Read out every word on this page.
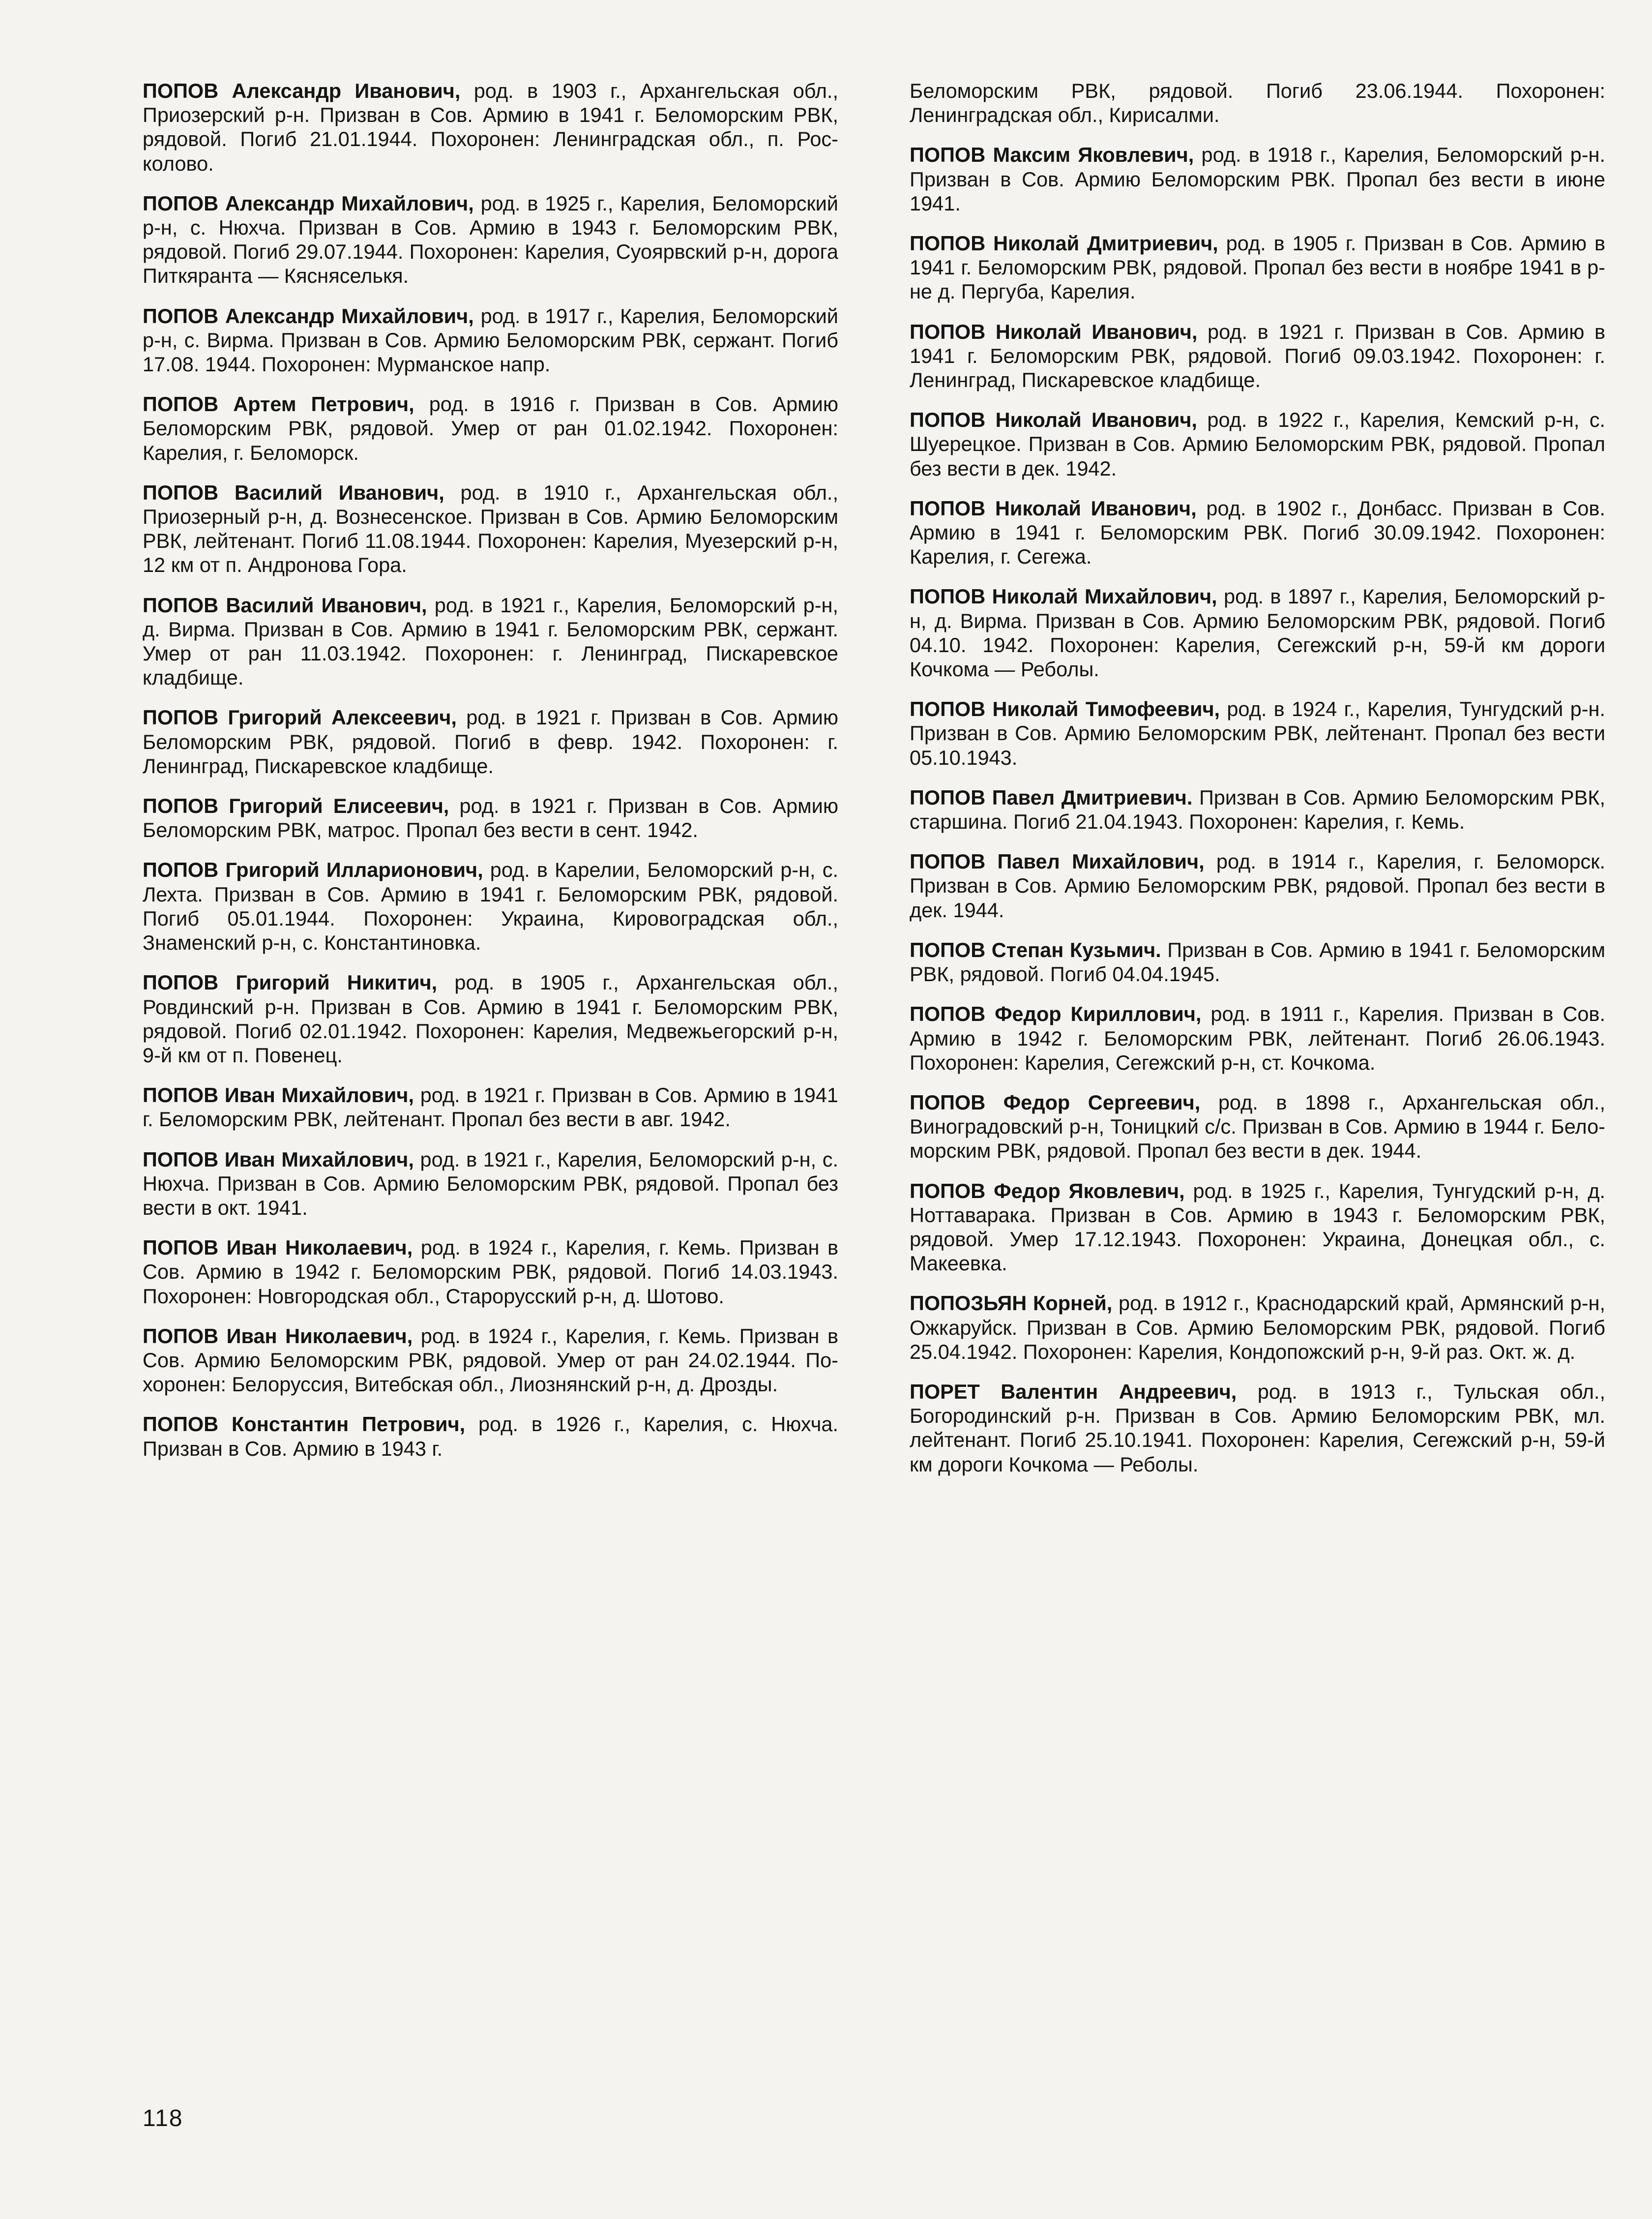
ПОПОВ Александр Иванович, род. в 1903 г., Архангельская обл., Приозерский р-н. Призван в Сов. Армию в 1941 г. Беломорским РВК, рядовой. Погиб 21.01.1944. Похоронен: Ленинградская обл., п. Росколово.

ПОПОВ Александр Михайлович, род. в 1925 г., Карелия, Беломорский р-н, с. Нюхча. Призван в Сов. Армию в 1943 г. Беломорским РВК, рядовой. Погиб 29.07.1944. Похоронен: Карелия, Суоярвский р-н, дорога Питкяранта — Кясняселькя.

ПОПОВ Александр Михайлович, род. в 1917 г., Карелия, Беломорский р-н, с. Вирма. Призван в Сов. Армию Беломорским РВК, сержант. Погиб 17.08. 1944. Похоронен: Мурманское напр.

ПОПОВ Артем Петрович, род. в 1916 г. Призван в Сов. Армию Беломорским РВК, рядовой. Умер от ран 01.02.1942. Похоронен: Карелия, г. Беломорск.

ПОПОВ Василий Иванович, род. в 1910 г., Архангельская обл., Приозерный р-н, д. Вознесенское. Призван в Сов. Армию Беломорским РВК, лейтенант. Погиб 11.08.1944. Похоронен: Карелия, Муезерский р-н, 12 км от п. Андронова Гора.

ПОПОВ Василий Иванович, род. в 1921 г., Карелия, Беломорский р-н, д. Вирма. Призван в Сов. Армию в 1941 г. Беломорским РВК, сержант. Умер от ран 11.03.1942. Похоронен: г. Ленинград, Пискаревское кладбище.

ПОПОВ Григорий Алексеевич, род. в 1921 г. Призван в Сов. Армию Беломорским РВК, рядовой. Погиб в февр. 1942. Похоронен: г. Ленинград, Пискаревское кладбище.

ПОПОВ Григорий Елисеевич, род. в 1921 г. Призван в Сов. Армию Беломорским РВК, матрос. Пропал без вести в сент. 1942.

ПОПОВ Григорий Илларионович, род. в Карелии, Беломорский р-н, с. Лехта. Призван в Сов. Армию в 1941 г. Беломорским РВК, рядовой. Погиб 05.01.1944. Похоронен: Украина, Кировоградская обл., Знаменский р-н, с. Константиновка.

ПОПОВ Григорий Никитич, род. в 1905 г., Архангельская обл., Ровдинский р-н. Призван в Сов. Армию в 1941 г. Беломорским РВК, рядовой. Погиб 02.01.1942. Похоронен: Карелия, Медвежьегорский р-н, 9-й км от п. Повенец.

ПОПОВ Иван Михайлович, род. в 1921 г. Призван в Сов. Армию в 1941 г. Беломорским РВК, лейтенант. Пропал без вести в авг. 1942.

ПОПОВ Иван Михайлович, род. в 1921 г., Карелия, Беломорский р-н, с. Нюхча. Призван в Сов. Армию Беломорским РВК, рядовой. Пропал без вести в окт. 1941.

ПОПОВ Иван Николаевич, род. в 1924 г., Карелия, г. Кемь. Призван в Сов. Армию в 1942 г. Беломорским РВК, рядовой. Погиб 14.03.1943. Похоронен: Новгородская обл., Старорусский р-н, д. Шотово.

ПОПОВ Иван Николаевич, род. в 1924 г., Карелия, г. Кемь. Призван в Сов. Армию Беломорским РВК, рядовой. Умер от ран 24.02.1944. Похоронен: Белоруссия, Витебская обл., Лиознянский р-н, д. Дрозды.

ПОПОВ Константин Петрович, род. в 1926 г., Карелия, с. Нюхча. Призван в Сов. Армию в 1943 г.

Беломорским РВК, рядовой. Погиб 23.06.1944. Похоронен: Ленинградская обл., Кирисалми.

ПОПОВ Максим Яковлевич, род. в 1918 г., Карелия, Беломорский р-н. Призван в Сов. Армию Беломорским РВК. Пропал без вести в июне 1941.

ПОПОВ Николай Дмитриевич, род. в 1905 г. Призван в Сов. Армию в 1941 г. Беломорским РВК, рядовой. Пропал без вести в ноябре 1941 в р-не д. Пергуба, Карелия.

ПОПОВ Николай Иванович, род. в 1921 г. Призван в Сов. Армию в 1941 г. Беломорским РВК, рядовой. Погиб 09.03.1942. Похоронен: г. Ленинград, Пискаревское кладбище.

ПОПОВ Николай Иванович, род. в 1922 г., Карелия, Кемский р-н, с. Шуерецкое. Призван в Сов. Армию Беломорским РВК, рядовой. Пропал без вести в дек. 1942.

ПОПОВ Николай Иванович, род. в 1902 г., Донбасс. Призван в Сов. Армию в 1941 г. Беломорским РВК. Погиб 30.09.1942. Похоронен: Карелия, г. Сегежа.

ПОПОВ Николай Михайлович, род. в 1897 г., Карелия, Беломорский р-н, д. Вирма. Призван в Сов. Армию Беломорским РВК, рядовой. Погиб 04.10. 1942. Похоронен: Карелия, Сегежский р-н, 59-й км дороги Кочкома — Реболы.

ПОПОВ Николай Тимофеевич, род. в 1924 г., Карелия, Тунгудский р-н. Призван в Сов. Армию Беломорским РВК, лейтенант. Пропал без вести 05.10.1943.

ПОПОВ Павел Дмитриевич. Призван в Сов. Армию Беломорским РВК, старшина. Погиб 21.04.1943. Похоронен: Карелия, г. Кемь.

ПОПОВ Павел Михайлович, род. в 1914 г., Карелия, г. Беломорск. Призван в Сов. Армию Беломорским РВК, рядовой. Пропал без вести в дек. 1944.

ПОПОВ Степан Кузьмич. Призван в Сов. Армию в 1941 г. Беломорским РВК, рядовой. Погиб 04.04.1945.

ПОПОВ Федор Кириллович, род. в 1911 г., Карелия. Призван в Сов. Армию в 1942 г. Беломорским РВК, лейтенант. Погиб 26.06.1943. Похоронен: Карелия, Сегежский р-н, ст. Кочкома.

ПОПОВ Федор Сергеевич, род. в 1898 г., Архангельская обл., Виноградовский р-н, Тоницкий с/с. Призван в Сов. Армию в 1944 г. Беломорским РВК, рядовой. Пропал без вести в дек. 1944.

ПОПОВ Федор Яковлевич, род. в 1925 г., Карелия, Тунгудский р-н, д. Ноттаварака. Призван в Сов. Армию в 1943 г. Беломорским РВК, рядовой. Умер 17.12.1943. Похоронен: Украина, Донецкая обл., с. Макеевка.

ПОПОЗЬЯН Корней, род. в 1912 г., Краснодарский край, Армянский р-н, Ожкаруйск. Призван в Сов. Армию Беломорским РВК, рядовой. Погиб 25.04.1942. Похоронен: Карелия, Кондопожский р-н, 9-й раз. Окт. ж. д.

ПОРЕТ Валентин Андреевич, род. в 1913 г., Тульская обл., Богородинский р-н. Призван в Сов. Армию Беломорским РВК, мл. лейтенант. Погиб 25.10.1941. Похоронен: Карелия, Сегежский р-н, 59-й км дороги Кочкома — Реболы.

118
